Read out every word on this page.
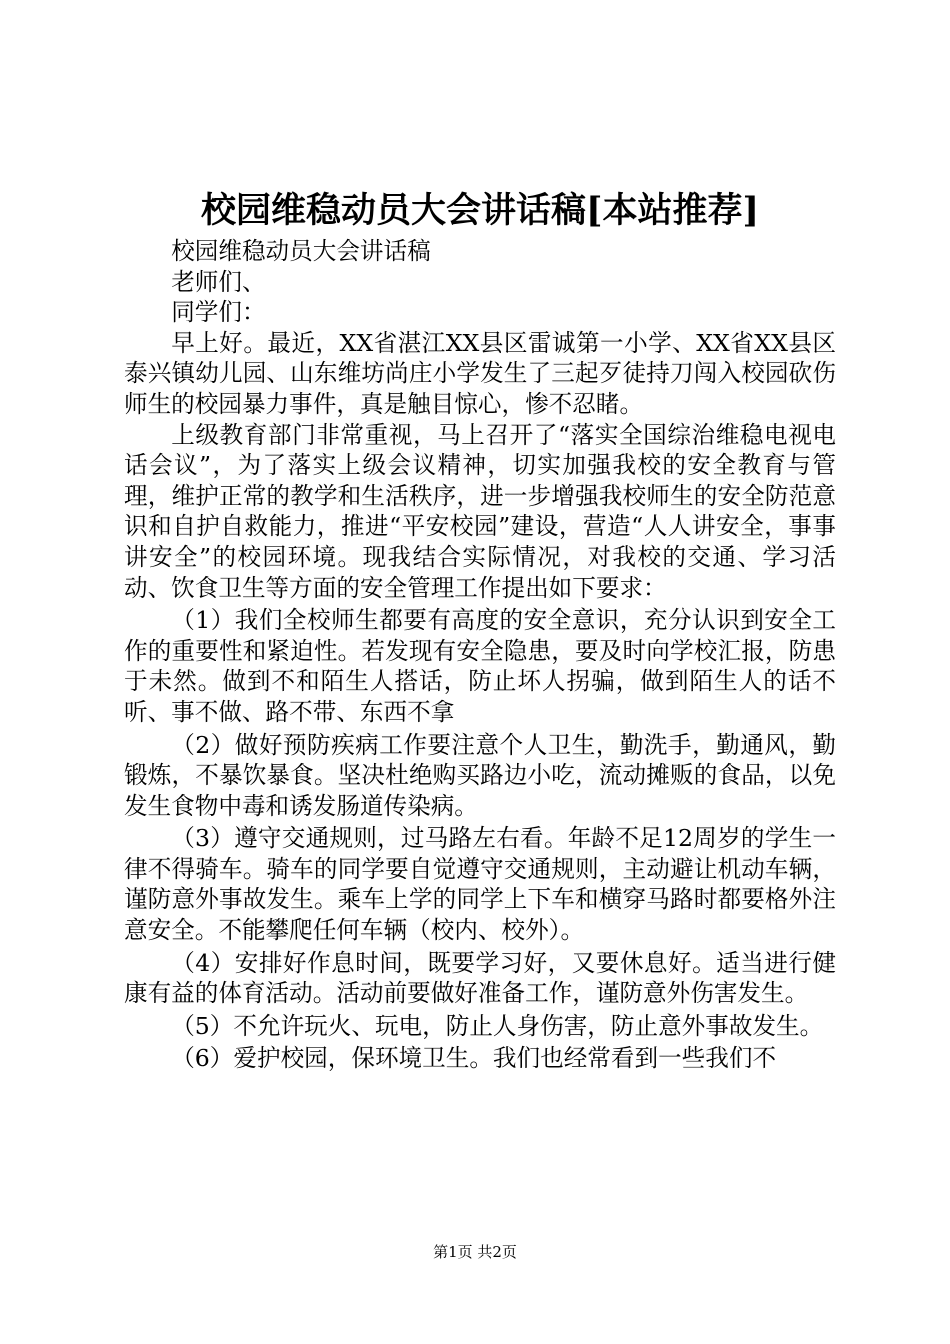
校园维稳动员大会讲话稿[本站推荐]

校园维稳动员大会讲话稿

老师们、

同学们：

早上好。最近，XX省湛江XX县区雷诚第一小学、XX省XX县区泰兴镇幼儿园、山东维坊尚庄小学发生了三起歹徒持刀闯入校园砍伤师生的校园暴力事件，真是触目惊心，惨不忍睹。

上级教育部门非常重视，马上召开了“落实全国综治维稳电视电话会议”，为了落实上级会议精神，切实加强我校的安全教育与管理，维护正常的教学和生活秩序，进一步增强我校师生的安全防范意识和自护自救能力，推进“平安校园”建设，营造“人人讲安全，事事讲安全”的校园环境。现我结合实际情况，对我校的交通、学习活动、饮食卫生等方面的安全管理工作提出如下要求：

（1）我们全校师生都要有高度的安全意识，充分认识到安全工作的重要性和紧迫性。若发现有安全隐患，要及时向学校汇报，防患于未然。做到不和陌生人搭话，防止坏人拐骗，做到陌生人的话不听、事不做、路不带、东西不拿

（2）做好预防疾病工作要注意个人卫生，勤洗手，勤通风，勤锻炼，不暴饮暴食。坚决杜绝购买路边小吃，流动摊贩的食品，以免发生食物中毒和诱发肠道传染病。

（3）遵守交通规则，过马路左右看。年龄不足12周岁的学生一律不得骑车。骑车的同学要自觉遵守交通规则，主动避让机动车辆，谨防意外事故发生。乘车上学的同学上下车和横穿马路时都要格外注意安全。不能攀爬任何车辆（校内、校外）。

（4）安排好作息时间，既要学习好，又要休息好。适当进行健康有益的体育活动。活动前要做好准备工作，谨防意外伤害发生。

（5）不允许玩火、玩电，防止人身伤害，防止意外事故发生。

（6）爱护校园，保环境卫生。我们也经常看到一些我们不

第1页 共2页
